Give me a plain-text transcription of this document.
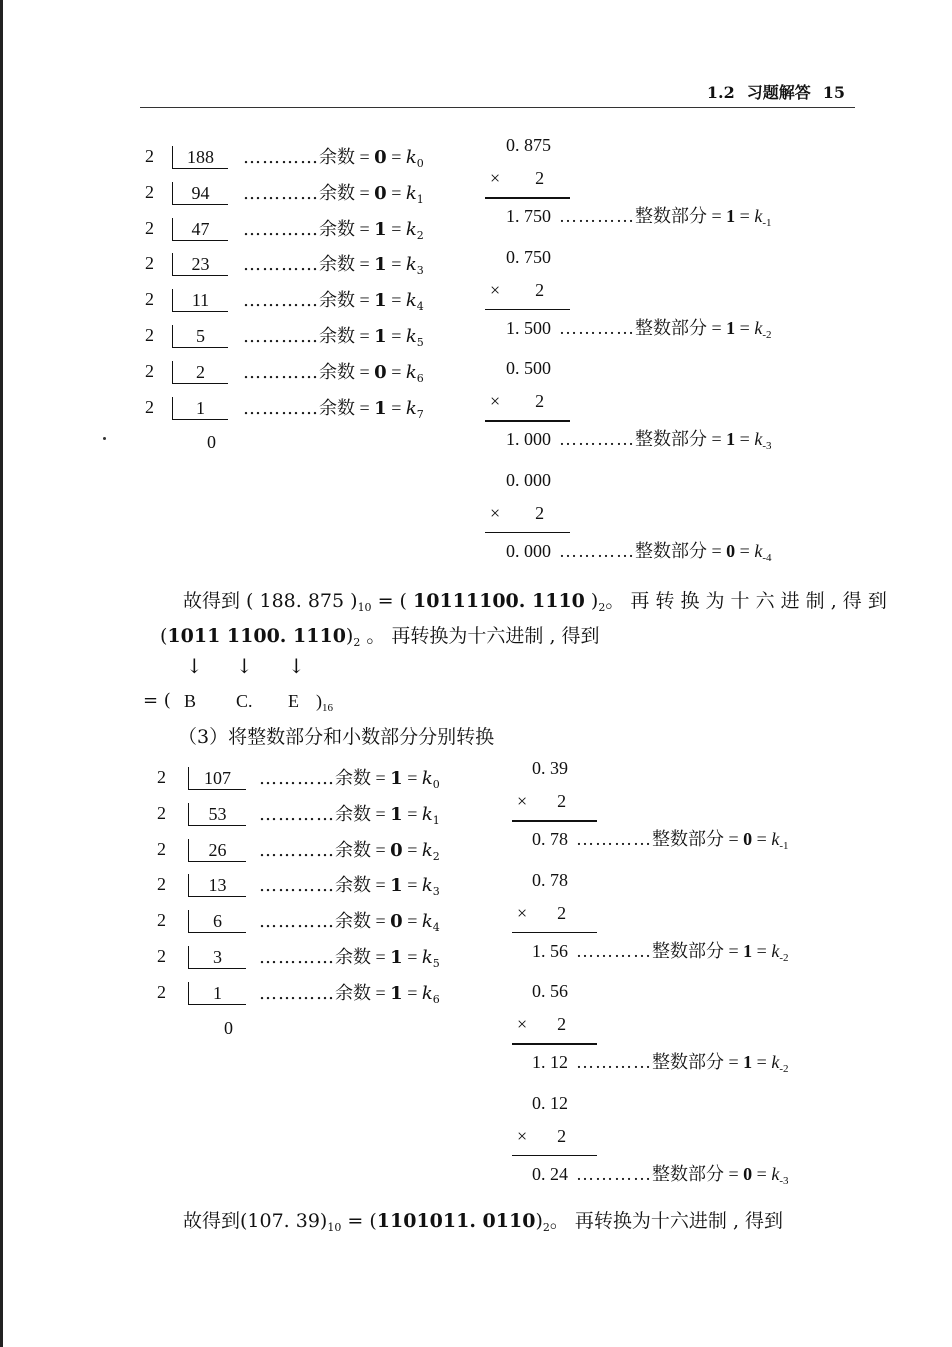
1.2 习题解答 15
2	188	…………余数 = $0 = k_0$
2	94	…………余数 = $0 = k_1$
2	47	…………余数 = $1 = k_2$
2	23	…………余数 = $1 = k_3$
2	11	…………余数 = $1 = k_4$
2	5	…………余数 = $1 = k_5$
2	2	…………余数 = $0 = k_6$
2	1	…………余数 = $1 = k_7$
0
0. 875
× 2
1. 750 …………整数部分 = $1 = k_{-1}$
0. 750
× 2
1. 500 …………整数部分 = $1 = k_{-2}$
0. 500
× 2
1. 000 …………整数部分 = $1 = k_{-3}$
0. 000
× 2
0. 000 …………整数部分 = $0 = k_{-4}$
故得到 ( 188. 875 )$_{10}$ = ( 10111100. 1110 )$_2$。 再 转 换 为 十 六 进 制 , 得 到
(1011 1100. $1110)_2$ 。 再转换为十六进制 , 得到
↓ ↓ ↓
= ( B C. E )$_{16}$
（3）将整数部分和小数部分分别转换
2	107	…………余数 = $1 = k_0$
2	53	…………余数 = $1 = k_1$
2	26	…………余数 = $0 = k_2$
2	13	…………余数 = $1 = k_3$
2	6	…………余数 = $0 = k_4$
2	3	…………余数 = $1 = k_5$
2	1	…………余数 = $1 = k_6$
0
0. 39
× 2
0. 78 …………整数部分 = $0 = k_{-1}$
0. 78
× 2
1. 56 …………整数部分 = $1 = k_{-2}$
0. 56
× 2
1. 12 …………整数部分 = $1 = k_{-2}$
0. 12
× 2
0. 24 …………整数部分 = $0 = k_{-3}$
故得到(107. $39)_{10} = (1101011$. $0110)_2$。 再转换为十六进制 , 得到
